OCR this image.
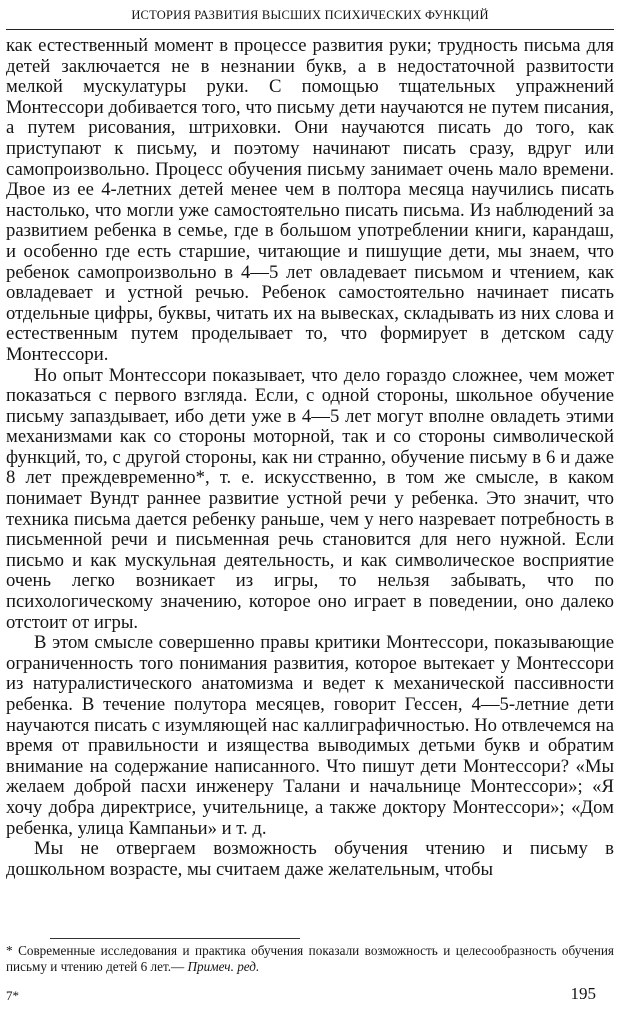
ИСТОРИЯ РАЗВИТИЯ ВЫСШИХ ПСИХИЧЕСКИХ ФУНКЦИЙ

как естественный момент в процессе развития руки; трудность письма для детей заключается не в незнании букв, а в недостаточной развитости мелкой мускулатуры руки. С помощью тщательных упражнений Монтессори добивается того, что письму дети научаются не путем писания, а путем рисования, штриховки. Они научаются писать до того, как приступают к письму, и поэтому начинают писать сразу, вдруг или самопроизвольно. Процесс обучения письму занимает очень мало времени. Двое из ее 4-летних детей менее чем в полтора месяца научились писать настолько, что могли уже самостоятельно писать письма. Из наблюдений за развитием ребенка в семье, где в большом употреблении книги, карандаш, и особенно где есть старшие, читающие и пишущие дети, мы знаем, что ребенок самопроизвольно в 4—5 лет овладевает письмом и чтением, как овладевает и устной речью. Ребенок самостоятельно начинает писать отдельные цифры, буквы, читать их на вывесках, складывать из них слова и естественным путем проделывает то, что формирует в детском саду Монтессори.

Но опыт Монтессори показывает, что дело гораздо сложнее, чем может показаться с первого взгляда. Если, с одной стороны, школьное обучение письму запаздывает, ибо дети уже в 4—5 лет могут вполне овладеть этими механизмами как со стороны моторной, так и со стороны символической функций, то, с другой стороны, как ни странно, обучение письму в 6 и даже 8 лет преждевременно*, т. е. искусственно, в том же смысле, в каком понимает Вундт раннее развитие устной речи у ребенка. Это значит, что техника письма дается ребенку раньше, чем у него назревает потребность в письменной речи и письменная речь становится для него нужной. Если письмо и как мускульная деятельность, и как символическое восприятие очень легко возникает из игры, то нельзя забывать, что по психологическому значению, которое оно играет в поведении, оно далеко отстоит от игры.

В этом смысле совершенно правы критики Монтессори, показывающие ограниченность того понимания развития, которое вытекает у Монтессори из натуралистического анатомизма и ведет к механической пассивности ребенка. В течение полутора месяцев, говорит Гессен, 4—5-летние дети научаются писать с изумляющей нас каллиграфичностью. Но отвлечемся на время от правильности и изящества выводимых детьми букв и обратим внимание на содержание написанного. Что пишут дети Монтессори? «Мы желаем доброй пасхи инженеру Талани и начальнице Монтессори»; «Я хочу добра директрисе, учительнице, а также доктору Монтессори»; «Дом ребенка, улица Кампаньи» и т. д.

Мы не отвергаем возможность обучения чтению и письму в дошкольном возрасте, мы считаем даже желательным, чтобы

* Современные исследования и практика обучения показали возможность и целесообразность обучения письму и чтению детей 6 лет.— Примеч. ред.
7*	195
